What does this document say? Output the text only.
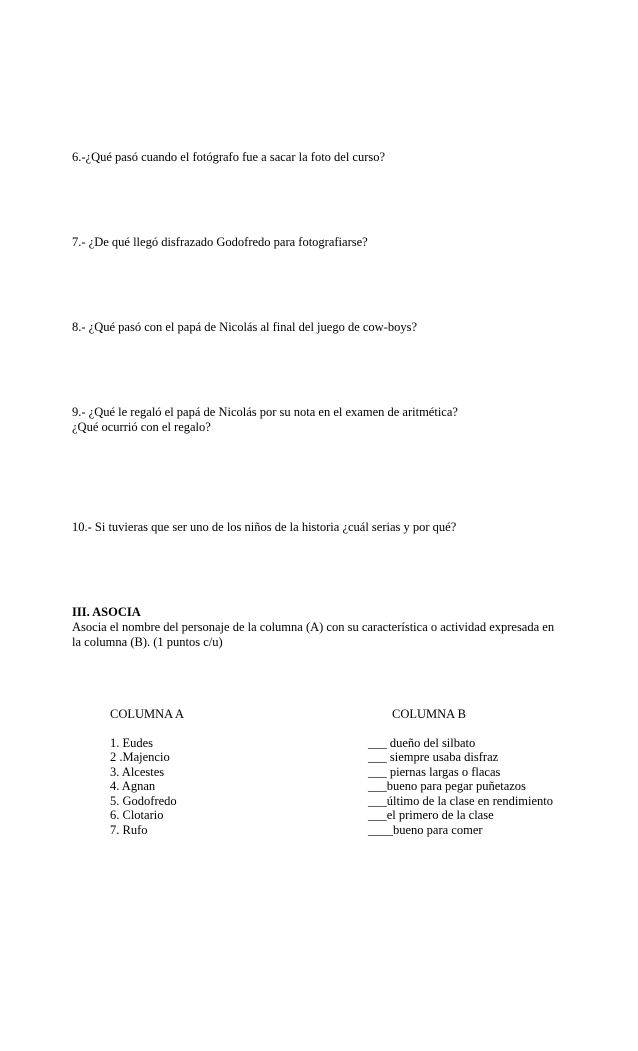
6.-¿Qué pasó cuando el fotógrafo fue a sacar la foto del curso?
7.- ¿De qué llegó disfrazado Godofredo para fotografiarse?
8.- ¿Qué pasó con el papá de Nicolás al final del juego de cow-boys?
9.- ¿Qué le regaló el papá de Nicolás por su nota en el examen de aritmética?
¿Qué ocurrió con el regalo?
10.- Si tuvieras que ser uno de los niños de la historia ¿cuál serias y por qué?
III. ASOCIA
Asocia el nombre del personaje de la columna (A) con su característica o actividad expresada en
la columna (B). (1 puntos c/u)
COLUMNA A	COLUMNA B
1. Eudes
2 .Majencio
3. Alcestes
4. Agnan
5. Godofredo
6. Clotario
7. Rufo
___ dueño del silbato
___ siempre usaba disfraz
___ piernas largas o flacas
___bueno para pegar puñetazos
___último de la clase en rendimiento
___el primero de la clase
____bueno para comer
